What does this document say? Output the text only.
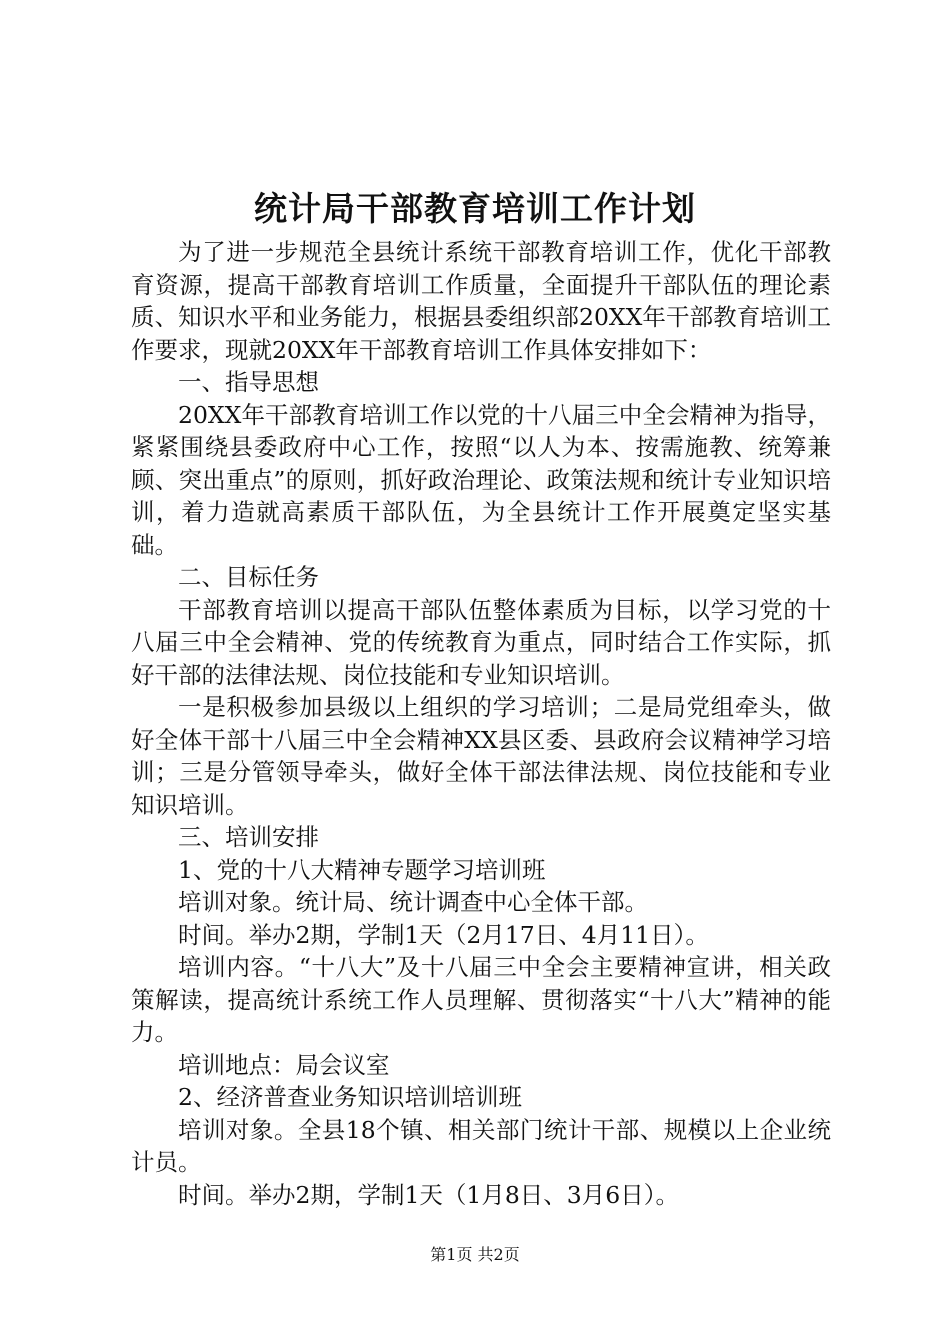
统计局干部教育培训工作计划

为了进一步规范全县统计系统干部教育培训工作，优化干部教育资源，提高干部教育培训工作质量，全面提升干部队伍的理论素质、知识水平和业务能力，根据县委组织部20XX年干部教育培训工作要求，现就20XX年干部教育培训工作具体安排如下：

一、指导思想

20XX年干部教育培训工作以党的十八届三中全会精神为指导，紧紧围绕县委政府中心工作，按照“以人为本、按需施教、统筹兼顾、突出重点”的原则，抓好政治理论、政策法规和统计专业知识培训，着力造就高素质干部队伍，为全县统计工作开展奠定坚实基础。

二、目标任务

干部教育培训以提高干部队伍整体素质为目标，以学习党的十八届三中全会精神、党的传统教育为重点，同时结合工作实际，抓好干部的法律法规、岗位技能和专业知识培训。

一是积极参加县级以上组织的学习培训；二是局党组牵头，做好全体干部十八届三中全会精神XX县区委、县政府会议精神学习培训；三是分管领导牵头，做好全体干部法律法规、岗位技能和专业知识培训。

三、培训安排

1、党的十八大精神专题学习培训班

培训对象。统计局、统计调查中心全体干部。

时间。举办2期，学制1天（2月17日、4月11日）。

培训内容。“十八大”及十八届三中全会主要精神宣讲，相关政策解读，提高统计系统工作人员理解、贯彻落实“十八大”精神的能力。

培训地点：局会议室

2、经济普查业务知识培训培训班

培训对象。全县18个镇、相关部门统计干部、规模以上企业统计员。

时间。举办2期，学制1天（1月8日、3月6日）。

第1页 共2页
